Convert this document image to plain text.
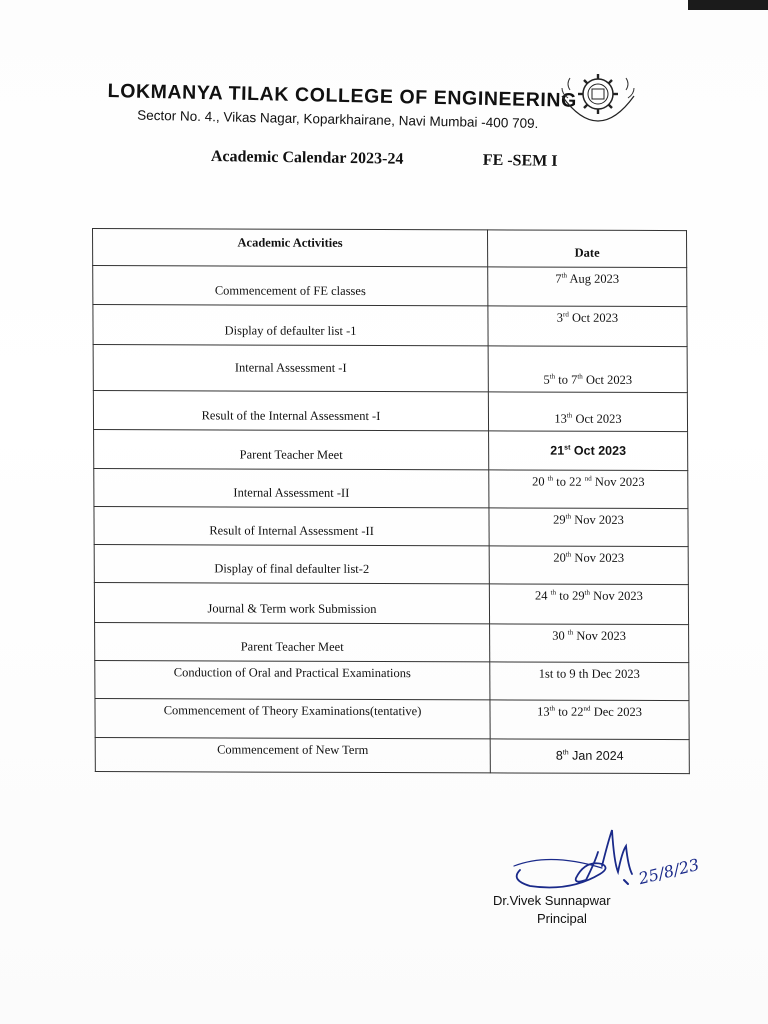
LOKMANYA TILAK COLLEGE OF ENGINEERING
Sector No. 4., Vikas Nagar, Koparkhairane, Navi Mumbai -400 709.
Academic Calendar 2023-24	FE -SEM I
Academic Activities	Date
Commencement of FE classes	7th Aug 2023
Display of defaulter list -1	3rd Oct 2023
Internal Assessment -I	5th to 7th Oct 2023
Result of the Internal Assessment -I	13th Oct 2023
Parent Teacher Meet	21st Oct 2023
Internal Assessment -II	20 $^{th}$ to 22 $^{nd}$ Nov 2023
Result of Internal Assessment -II	29th Nov 2023
Display of final defaulter list-2	20th Nov 2023
Journal & Term work Submission	24 $^{th}$ to 29th Nov 2023
Parent Teacher Meet	30 $^{th}$ Nov 2023
Conduction of Oral and Practical Examinations	1st to 9 th Dec 2023
Commencement of Theory Examinations(tentative)	13th to 22nd Dec 2023
Commencement of New Term	8th Jan 2024
25/8/23
Dr.Vivek Sunnapwar
Principal
